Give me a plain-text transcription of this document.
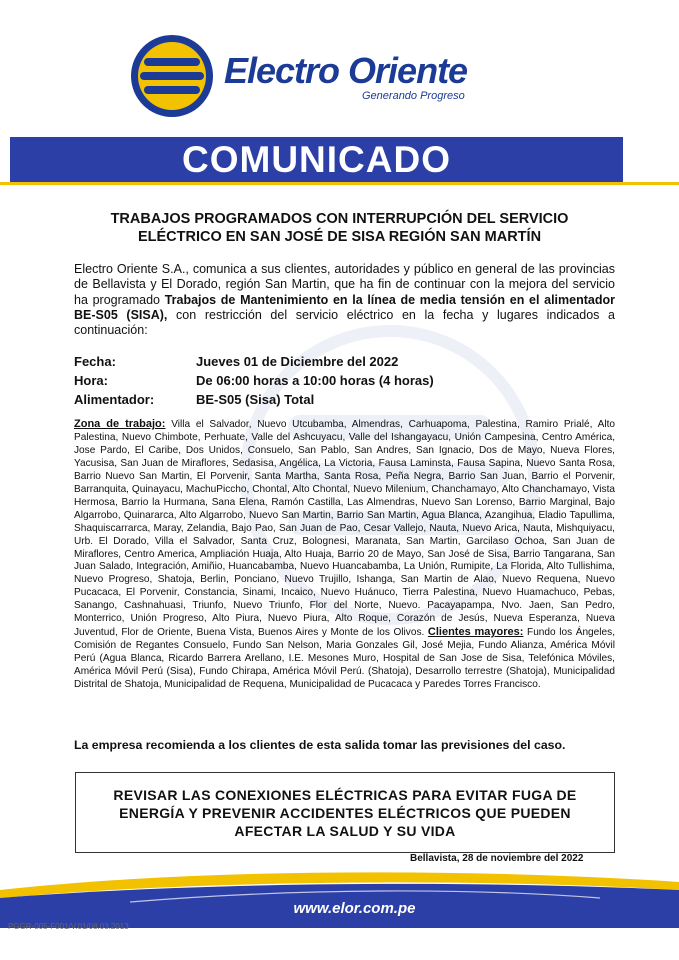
Electro Oriente
Generando Progreso
COMUNICADO
TRABAJOS PROGRAMADOS CON INTERRUPCIÓN DEL SERVICIO
ELÉCTRICO EN SAN JOSÉ DE SISA REGIÓN SAN MARTÍN

Electro Oriente S.A., comunica a sus clientes, autoridades y público en general de las provincias de Bellavista y El Dorado, región San Martin, que ha fin de continuar con la mejora del servicio ha programado Trabajos de Mantenimiento en la línea de media tensión en el alimentador BE-S05 (SISA), con restricción del servicio eléctrico en la fecha y lugares indicados a continuación:

Fecha:	Jueves 01 de Diciembre del 2022
Hora:	De 06:00 horas a 10:00 horas (4 horas)
Alimentador:	BE-S05 (Sisa) Total

Zona de trabajo: Villa el Salvador, Nuevo Utcubamba, Almendras, Carhuapoma, Palestina, Ramiro Prialé, Alto Palestina, Nuevo Chimbote, Perhuate, Valle del Ashcuyacu, Valle del Ishangayacu, Unión Campesina, Centro América, Jose Pardo, El Caribe, Dos Unidos, Consuelo, San Pablo, San Andres, San Ignacio, Dos de Mayo, Nueva Flores, Yacusisa, San Juan de Miraflores, Sedasisa, Angélica, La Victoria, Fausa Laminsta, Fausa Sapina, Nuevo Santa Rosa, Barrio Nuevo San Martin, El Porvenir, Santa Martha, Santa Rosa, Peña Negra, Barrio San Juan, Barrio el Porvenir, Barranquita, Quinayacu, MachuPicchо, Chontal, Alto Chontal, Nuevo Milenium, Chanchamayo, Alto Chanchamayo, Vista Hermosa, Barrio la Hurmana, Sana Elena, Ramón Castilla, Las Almendras, Nuevo San Lorenso, Barrio Marginal, Bajo Algarrobo, Quinararca, Alto Algarrobo, Nuevo San Martin, Barrio San Martin, Agua Blanca, Azangihua, Eladio Tapullima, Shaquiscarrarca, Maray, Zelandia, Bajo Pao, San Juan de Pao, Cesar Vallejo, Nauta, Nuevo Arica, Nauta, Mishquiyacu, Urb. El Dorado, Villa el Salvador, Santa Cruz, Bolognesi, Maranata, San Martin, Garcilaso Ochoa, San Juan de Miraflores, Centro America, Ampliación Huaja, Alto Huaja, Barrio 20 de Mayo, San José de Sisa, Barrio Tangarana, San Juan Salado, Integración, Amiñio, Huancabamba, Nuevo Huancabamba, La Unión, Rumipite, La Florida, Alto Tullishima, Nuevo Progreso, Shatoja, Berlin, Ponciano, Nuevo Trujillo, Ishanga, San Martin de Alao, Nuevo Requena, Nuevo Pucacaca, El Porvenir, Constancia, Sinami, Incaico, Nuevo Huánuco, Tierra Palestina, Nuevo Huamachuco, Pebas, Sanango, Cashnahuasi, Triunfo, Nuevo Triunfo, Flor del Norte, Nuevo. Pacayapampa, Nvo. Jaen, San Pedro, Monterrico, Unión Progreso, Alto Piura, Nuevo Piura, Alto Roque, Corazón de Jesús, Nueva Esperanza, Nueva Juventud, Flor de Oriente, Buena Vista, Buenos Aires y Monte de los Olivos. Clientes mayores: Fundo los Ángeles, Comisión de Regantes Consuelo, Fundo San Nelson, Maria Gonzales Gil, José Mejia, Fundo Alianza, América Móvil Perú (Agua Blanca, Ricardo Barrera Arellano, I.E. Mesones Muro, Hospital de San Jose de Sisa, Telefónica Móviles, América Móvil Perú (Sisa), Fundo Chirapa, América Móvil Perú. (Shatoja), Desarrollo terrestre (Shatoja), Municipalidad Distrital de Shatoja, Municipalidad de Requena, Municipalidad de Pucacaca y Paredes Torres Francisco.

La empresa recomienda a los clientes de esta salida tomar las previsiones del caso.
REVISAR LAS CONEXIONES ELÉCTRICAS PARA EVITAR FUGA DE
ENERGÍA Y PREVENIR ACCIDENTES ELÉCTRICOS QUE PUEDEN
AFECTAR LA SALUD Y SU VIDA
Bellavista, 28 de noviembre del 2022
www.elor.com.pe
PGGR-005-F001/V.01/08.03.2013
